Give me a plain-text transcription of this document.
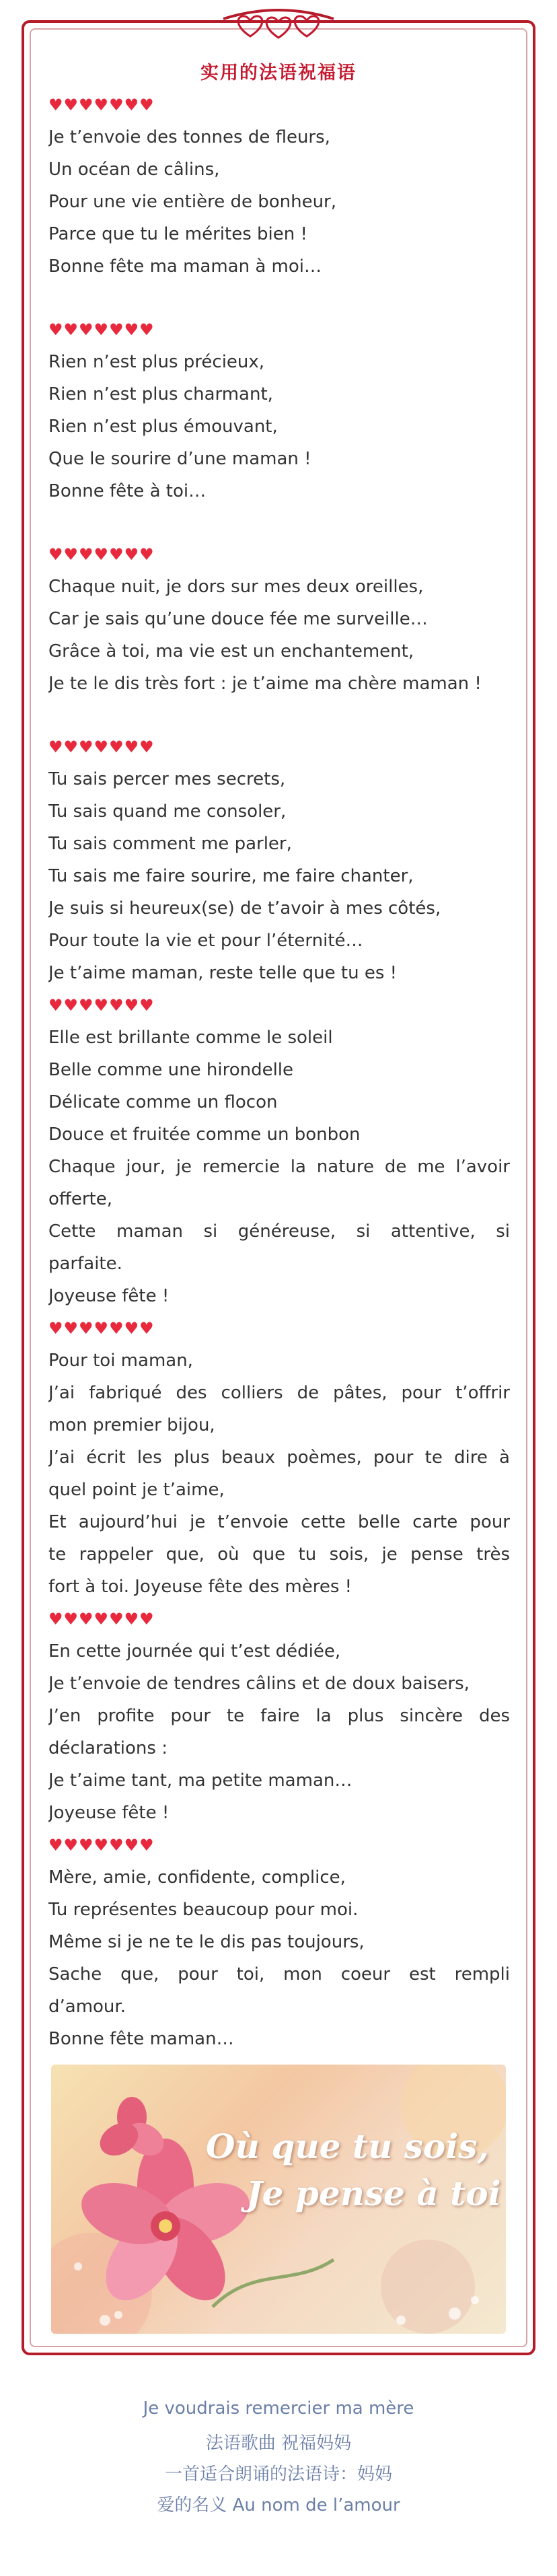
实用的法语祝福语
♥♥♥♥♥♥♥
Je t’envoie des tonnes de fleurs,
Un océan de câlins,
Pour une vie entière de bonheur,
Parce que tu le mérites bien !
Bonne fête ma maman à moi…
♥♥♥♥♥♥♥
Rien n’est plus précieux,
Rien n’est plus charmant,
Rien n’est plus émouvant,
Que le sourire d’une maman !
Bonne fête à toi…
♥♥♥♥♥♥♥
Chaque nuit, je dors sur mes deux oreilles,
Car je sais qu’une douce fée me surveille…
Grâce à toi, ma vie est un enchantement,
Je te le dis très fort : je t’aime ma chère maman !
♥♥♥♥♥♥♥
Tu sais percer mes secrets,
Tu sais quand me consoler,
Tu sais comment me parler,
Tu sais me faire sourire, me faire chanter,
Je suis si heureux(se) de t’avoir à mes côtés,
Pour toute la vie et pour l’éternité…
Je t’aime maman, reste telle que tu es !
♥♥♥♥♥♥♥
Elle est brillante comme le soleil
Belle comme une hirondelle
Délicate comme un flocon
Douce et fruitée comme un bonbon
Chaque jour, je remercie la nature de me l’avoir
offerte,
Cette maman si généreuse, si attentive, si
parfaite.
Joyeuse fête !
♥♥♥♥♥♥♥
Pour toi maman,
J’ai fabriqué des colliers de pâtes, pour t’offrir
mon premier bijou,
J’ai écrit les plus beaux poèmes, pour te dire à
quel point je t’aime,
Et aujourd’hui je t’envoie cette belle carte pour
te rappeler que, où que tu sois, je pense très
fort à toi. Joyeuse fête des mères !
♥♥♥♥♥♥♥
En cette journée qui t’est dédiée,
Je t’envoie de tendres câlins et de doux baisers,
J’en profite pour te faire la plus sincère des
déclarations :
Je t’aime tant, ma petite maman…
Joyeuse fête !
♥♥♥♥♥♥♥
Mère, amie, confidente, complice,
Tu représentes beaucoup pour moi.
Même si je ne te le dis pas toujours,
Sache que, pour toi, mon coeur est rempli
d’amour.
Bonne fête maman…
Où que tu sois,
Je pense à toi
Je voudrais remercier ma mère
法语歌曲 祝福妈妈
一首适合朗诵的法语诗：妈妈
爱的名义 Au nom de l’amour
